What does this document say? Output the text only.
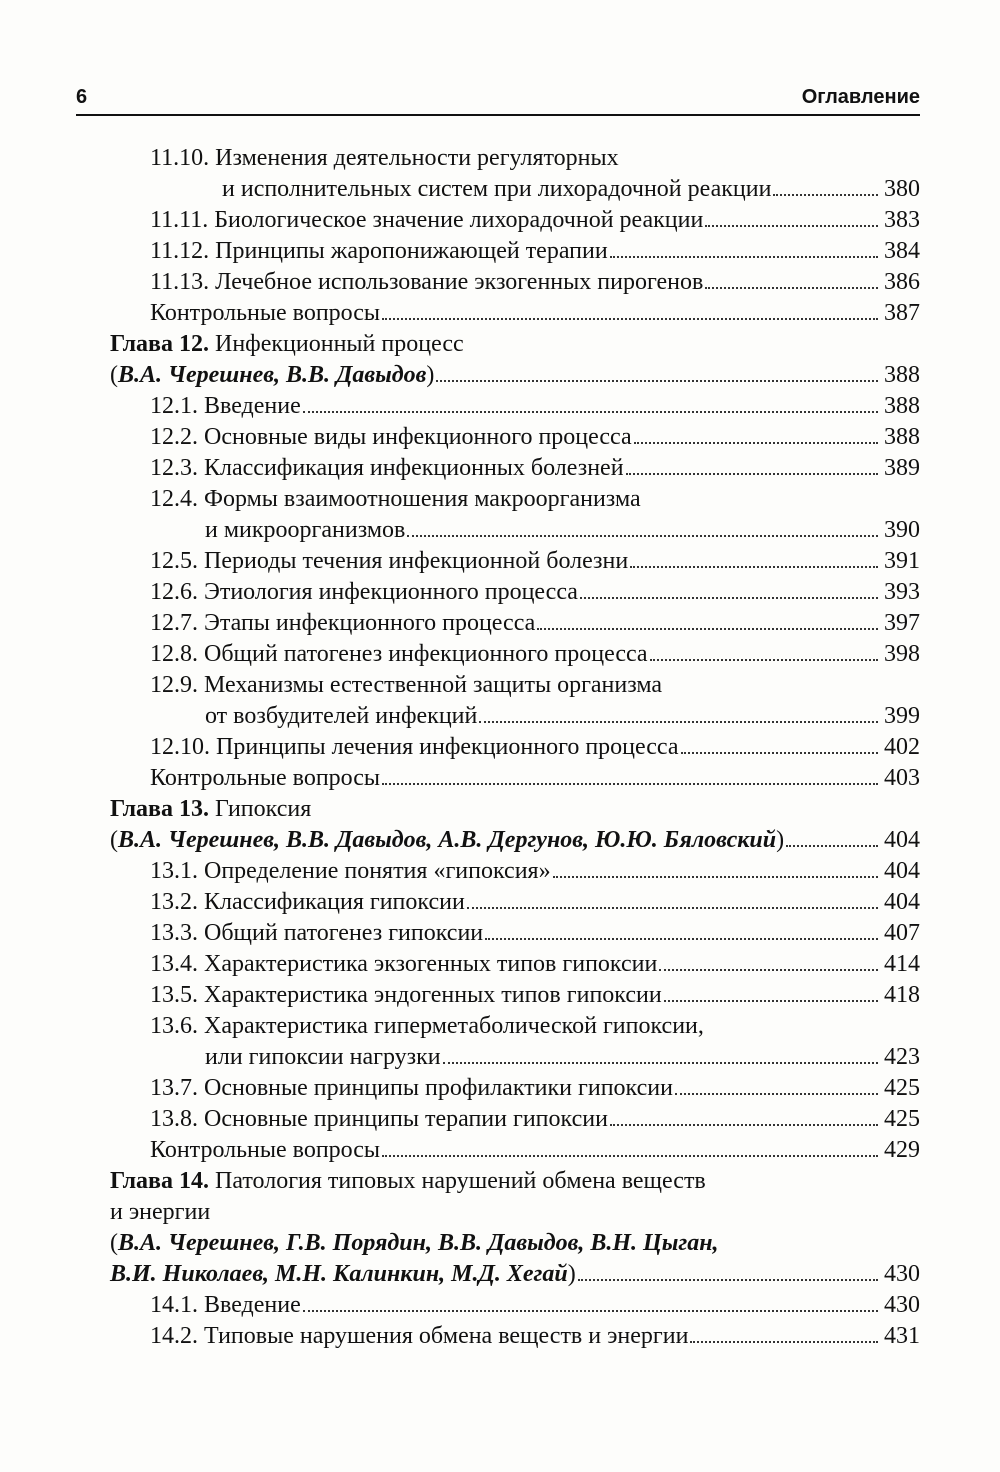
6	Оглавление
11.10. Изменения деятельности регуляторных
и исполнительных систем при лихорадочной реакции	380
11.11. Биологическое значение лихорадочной реакции	383
11.12. Принципы жаропонижающей терапии	384
11.13. Лечебное использование экзогенных пирогенов	386
Контрольные вопросы	387
Глава 12. Инфекционный процесс
( В.А. Черешнев, В.В. Давыдов )	388
12.1. Введение	388
12.2. Основные виды инфекционного процесса	388
12.3. Классификация инфекционных болезней	389
12.4. Формы взаимоотношения макроорганизма
и микроорганизмов	390
12.5. Периоды течения инфекционной болезни	391
12.6. Этиология инфекционного процесса	393
12.7. Этапы инфекционного процесса	397
12.8. Общий патогенез инфекционного процесса	398
12.9. Механизмы естественной защиты организма
от возбудителей инфекций	399
12.10. Принципы лечения инфекционного процесса	402
Контрольные вопросы	403
Глава 13. Гипоксия
( В.А. Черешнев, В.В. Давыдов, А.В. Дергунов, Ю.Ю. Бяловский )	404
13.1. Определение понятия «гипоксия»	404
13.2. Классификация гипоксии	404
13.3. Общий патогенез гипоксии	407
13.4. Характеристика экзогенных типов гипоксии	414
13.5. Характеристика эндогенных типов гипоксии	418
13.6. Характеристика гиперметаболической гипоксии,
или гипоксии нагрузки	423
13.7. Основные принципы профилактики гипоксии	425
13.8. Основные принципы терапии гипоксии	425
Контрольные вопросы	429
Глава 14. Патология типовых нарушений обмена веществ
и энергии
(В.А. Черешнев, Г.В. Порядин, В.В. Давыдов, В.Н. Цыган,
В.И. Николаев, М.Н. Калинкин, М.Д. Хегай )	430
14.1. Введение	430
14.2. Типовые нарушения обмена веществ и энергии	431
